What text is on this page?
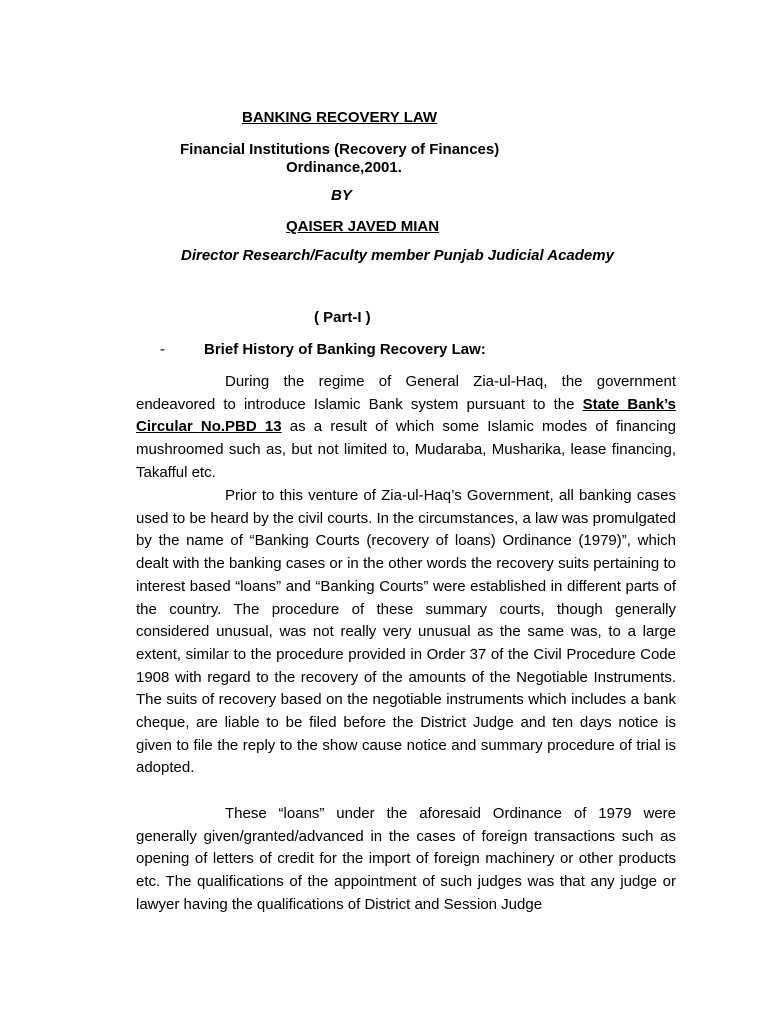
BANKING RECOVERY LAW
Financial Institutions (Recovery of Finances)
Ordinance,2001.
BY
QAISER JAVED MIAN
Director Research/Faculty member Punjab Judicial Academy
( Part-I )
-	Brief History of Banking Recovery Law:

During the regime of General Zia-ul-Haq, the government endeavored to introduce Islamic Bank system pursuant to the State Bank’s Circular No.PBD 13 as a result of which some Islamic modes of financing mushroomed such as, but not limited to, Mudaraba, Musharika, lease financing, Takafful etc.

Prior to this venture of Zia-ul-Haq’s Government, all banking cases used to be heard by the civil courts. In the circumstances, a law was promulgated by the name of “Banking Courts (recovery of loans) Ordinance (1979)”, which dealt with the banking cases or in the other words the recovery suits pertaining to interest based “loans” and “Banking Courts” were established in different parts of the country. The procedure of these summary courts, though generally considered unusual, was not really very unusual as the same was, to a large extent, similar to the procedure provided in Order 37 of the Civil Procedure Code 1908 with regard to the recovery of the amounts of the Negotiable Instruments. The suits of recovery based on the negotiable instruments which includes a bank cheque, are liable to be filed before the District Judge and ten days notice is given to file the reply to the show cause notice and summary procedure of trial is adopted.

These “loans” under the aforesaid Ordinance of 1979 were generally given/granted/advanced in the cases of foreign transactions such as opening of letters of credit for the import of foreign machinery or other products etc. The qualifications of the appointment of such judges was that any judge or lawyer having the qualifications of District and Session Judge
